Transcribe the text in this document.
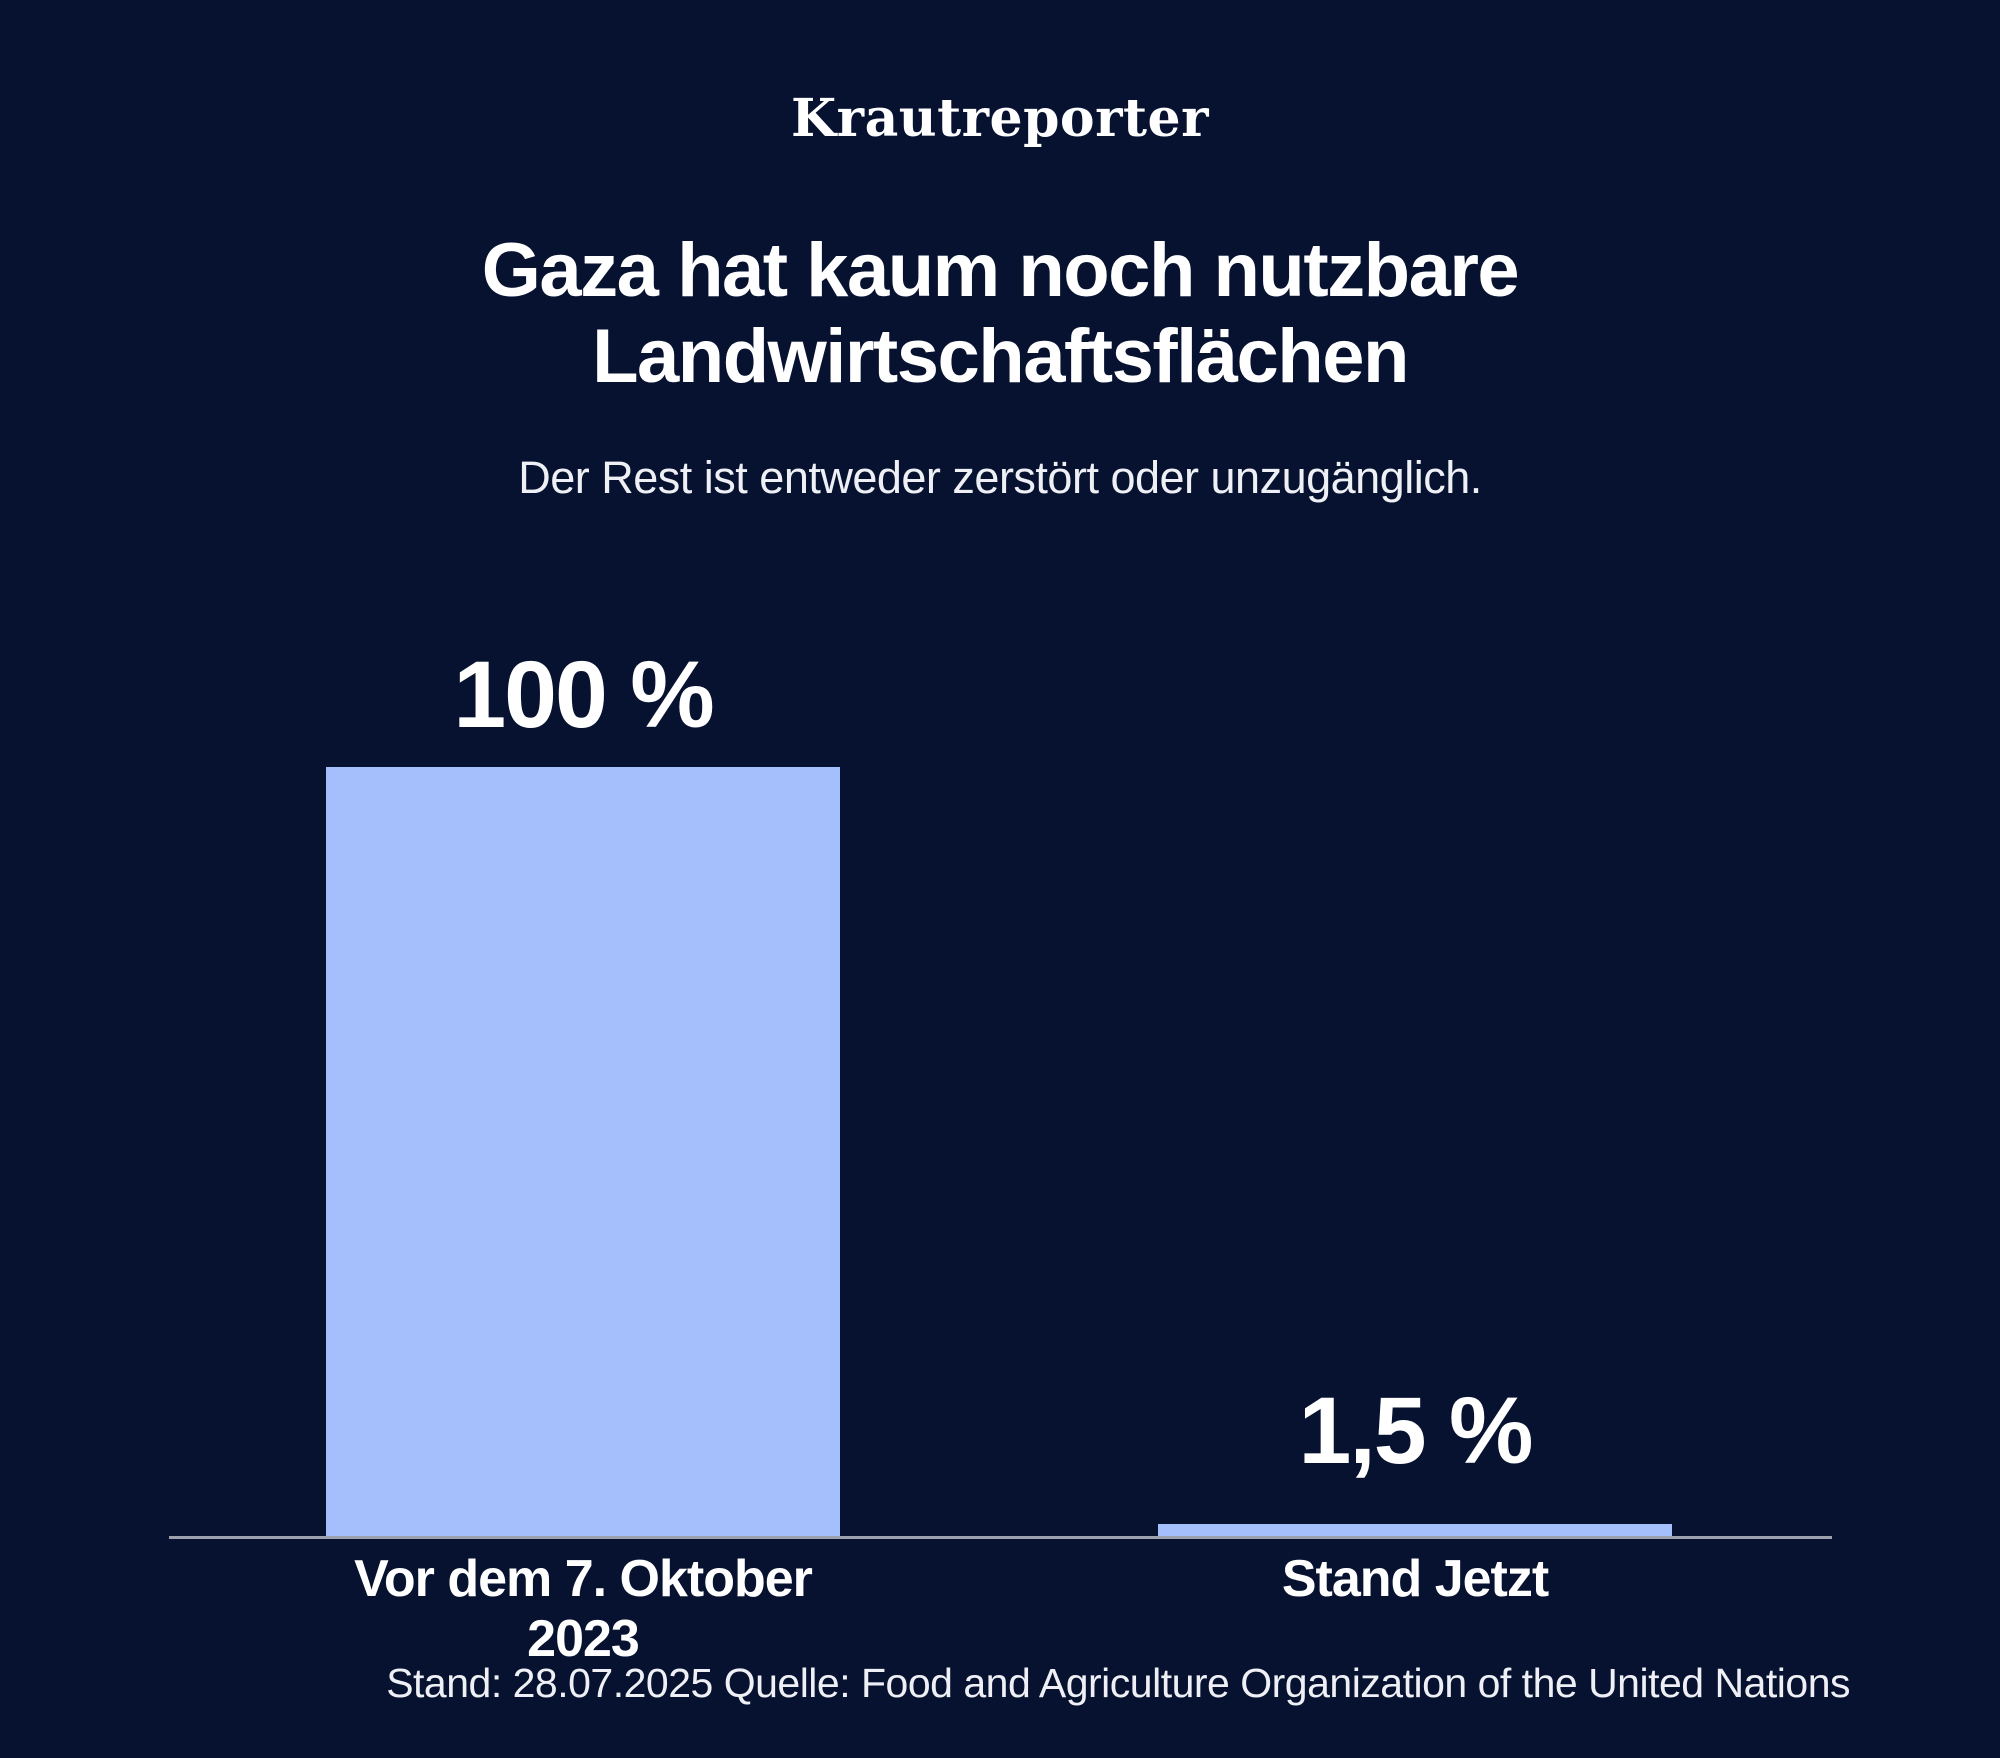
Krautreporter
Gaza hat kaum noch nutzbare
Landwirtschaftsflächen

Der Rest ist entweder zerstört oder unzugänglich.

100 %
1,5 %
Vor dem 7. Oktober 2023
Stand Jetzt
Stand: 28.07.2025 Quelle: Food and Agriculture Organization of the United Nations
